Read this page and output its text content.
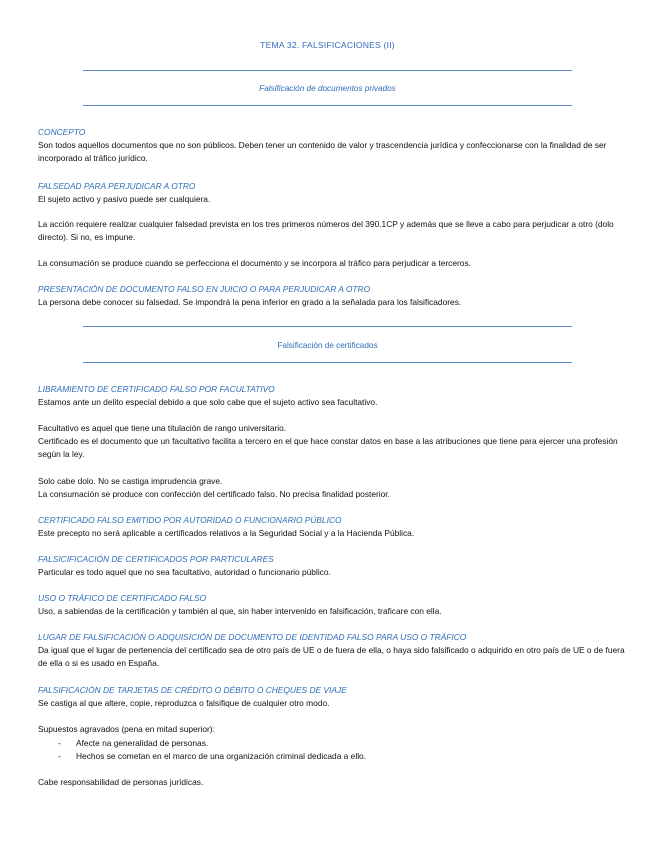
TEMA 32. FALSIFICACIONES (II)
Falsificación de documentos privados
CONCEPTO
Son todos aquellos documentos que no son públicos. Deben tener un contenido de valor y trascendencia jurídica y confeccionarse con la finalidad de ser incorporado al tráfico jurídico.
FALSEDAD PARA PERJUDICAR A OTRO
El sujeto activo y pasivo puede ser cualquiera.
La acción requiere realizar cualquier falsedad prevista en los tres primeros números del 390.1CP y además que se lleve a cabo para perjudicar a otro (dolo directo). Si no, es impune.
La consumación se produce cuando se perfecciona el documento y se incorpora al tráfico para perjudicar a terceros.
PRESENTACIÓN DE DOCUMENTO FALSO EN JUICIO O PARA PERJUDICAR A OTRO
La persona debe conocer su falsedad. Se impondrá la pena inferior en grado a la señalada para los falsificadores.
Falsificación de certificados
LIBRAMIENTO DE CERTIFICADO FALSO POR FACULTATIVO
Estamos ante un delito especial debido a que solo cabe que el sujeto activo sea facultativo.
Facultativo es aquel que tiene una titulación de rango universitario.
Certificado es el documento que un facultativo facilita a tercero en el que hace constar datos en base a las atribuciones que tiene para ejercer una profesión según la ley.
Solo cabe dolo. No se castiga imprudencia grave.
La consumación se produce con confección del certificado falso. No precisa finalidad posterior.
CERTIFICADO FALSO EMITIDO POR AUTORIDAD O FUNCIONARIO PÚBLICO
Este precepto no será aplicable a certificados relativos a la Seguridad Social y a la Hacienda Pública.
FALSICIFICACIÓN DE CERTIFICADOS POR PARTICULARES
Particular es todo aquel que no sea facultativo, autoridad o funcionario público.
USO O TRÁFICO DE CERTIFICADO FALSO
Uso, a sabiendas de la certificación y también al que, sin haber intervenido en falsificación, traficare con ella.
LUGAR DE FALSIFICACIÓN O ADQUISICIÓN DE DOCUMENTO DE IDENTIDAD FALSO PARA USO O TRÁFICO
Da igual que el lugar de pertenencia del certificado sea de otro país de UE o de fuera de ella, o haya sido falsificado o adquirido en otro país de UE o de fuera de ella o si es usado en España.
FALSIFICACIÓN DE TARJETAS DE CRÉDITO O DÉBITO O CHEQUES DE VIAJE
Se castiga al que altere, copie, reproduzca o falsifique de cualquier otro modo.
Supuestos agravados (pena en mitad superior):
- Afecte na generalidad de personas.
- Hechos se cometan en el marco de una organización criminal dedicada a ello.
Cabe responsabilidad de personas jurídicas.
